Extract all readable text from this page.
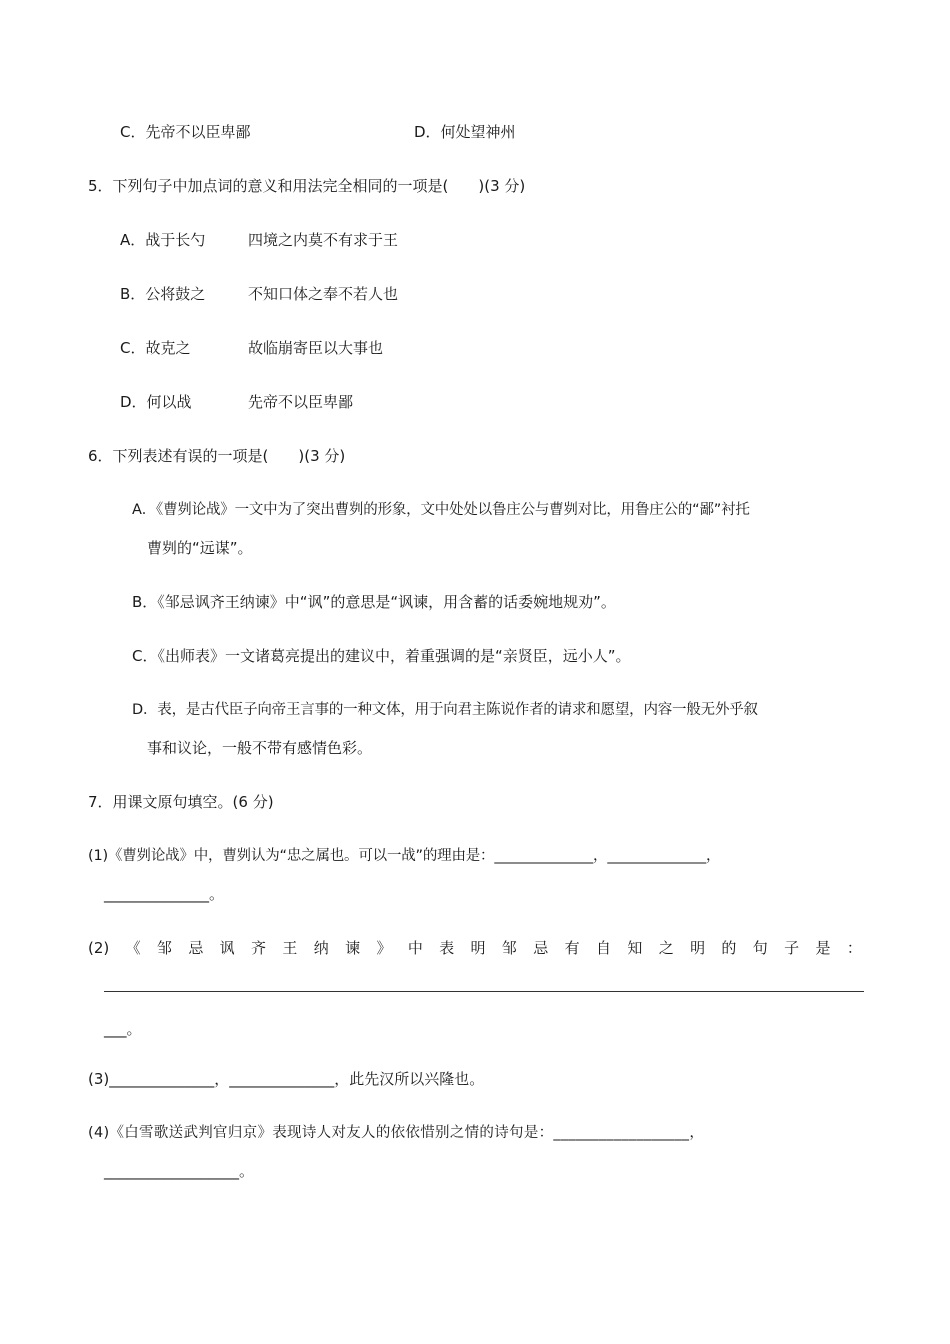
C．先帝不以臣卑鄙	D．何处望神州
5．下列句子中加点词的意义和用法完全相同的一项是(　　)(3 分)
A．战于长勺	四境之内莫不有求于王
B．公将鼓之	不知口体之奉不若人也
C．故克之	故临崩寄臣以大事也
D．何以战	先帝不以臣卑鄙
6．下列表述有误的一项是(　　)(3 分)
A．《曹刿论战》一文中为了突出曹刿的形象，文中处处以鲁庄公与曹刿对比，用鲁庄公的“鄙”衬托
曹刿的“远谋”。
B．《邹忌讽齐王纳谏》中“讽”的意思是“讽谏，用含蓄的话委婉地规劝”。
C．《出师表》一文诸葛亮提出的建议中，着重强调的是“亲贤臣，远小人”。
D．表，是古代臣子向帝王言事的一种文体，用于向君主陈说作者的请求和愿望，内容一般无外乎叙
事和议论，一般不带有感情色彩。
7．用课文原句填空。(6 分)
(1)《曹刿论战》中，曹刿认为“忠之属也。可以一战”的理由是：______________，______________，
______________。
(2) 《 邹 忌 讽 齐 王 纳 谏 》 中 表 明 邹 忌 有 自 知 之 明 的 句 子 是 ：
___。
(3)______________，______________，此先汉所以兴隆也。
(4)《白雪歌送武判官归京》表现诗人对友人的依依惜别之情的诗句是：__________________，
__________________。
